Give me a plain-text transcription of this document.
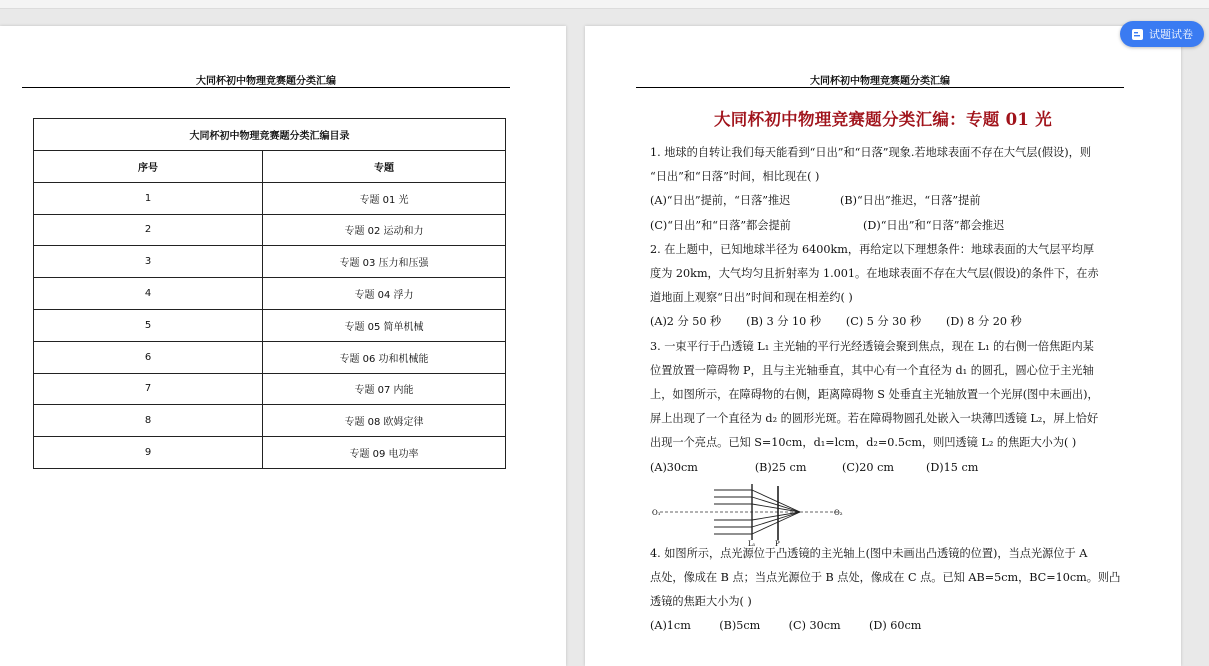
大同杯初中物理竞赛题分类汇编
大同杯初中物理竞赛题分类汇编目录	
序号	专题
1	专题 01 光
2	专题 02 运动和力
3	专题 03 压力和压强
4	专题 04 浮力
5	专题 05 简单机械
6	专题 06 功和机械能
7	专题 07 内能
8	专题 08 欧姆定律
9	专题 09 电功率
大同杯初中物理竞赛题分类汇编
大同杯初中物理竞赛题分类汇编：专题 01 光

1. 地球的自转让我们每天能看到“日出”和“日落”现象.若地球表面不存在大气层(假设)，则

“日出”和“日落”时间，相比现在( )

(A)“日出”提前，“日落”推迟	(B)“日出”推迟，“日落”提前

(C)“日出”和“日落”都会提前	(D)“日出”和“日落”都会推迟

2. 在上题中，已知地球半径为 6400km，再给定以下理想条件：地球表面的大气层平均厚

度为 20km，大气均匀且折射率为 1.001。在地球表面不存在大气层(假设)的条件下，在赤

道地面上观察“日出”时间和现在相差约( )

(A)2 分 50 秒       (B) 3 分 10 秒       (C) 5 分 30 秒       (D) 8 分 20 秒

3. 一束平行于凸透镜 L₁ 主光轴的平行光经透镜会聚到焦点，现在 L₁ 的右侧一倍焦距内某

位置放置一障碍物 P，且与主光轴垂直，其中心有一个直径为 d₁ 的圆孔，圆心位于主光轴

上，如图所示，在障碍物的右侧，距离障碍物 S 处垂直主光轴放置一个光屏(图中未画出)，

屏上出现了一个直径为 d₂ 的圆形光斑。若在障碍物圆孔处嵌入一块薄凹透镜 L₂，屏上恰好

出现一个亮点。已知 S=10cm，d₁=lcm，d₂=0.5cm，则凹透镜 L₂ 的焦距大小为( )

(A)30cm                (B)25 cm          (C)20 cm         (D)15 cm

O₁	O₂
L₁	P

4. 如图所示，点光源位于凸透镜的主光轴上(图中未画出凸透镜的位置)，当点光源位于 A

点处，像成在 B 点；当点光源位于 B 点处，像成在 C 点。已知 AB=5cm，BC=10cm。则凸

透镜的焦距大小为( )

(A)1cm        (B)5cm        (C) 30cm        (D) 60cm

试题试卷
